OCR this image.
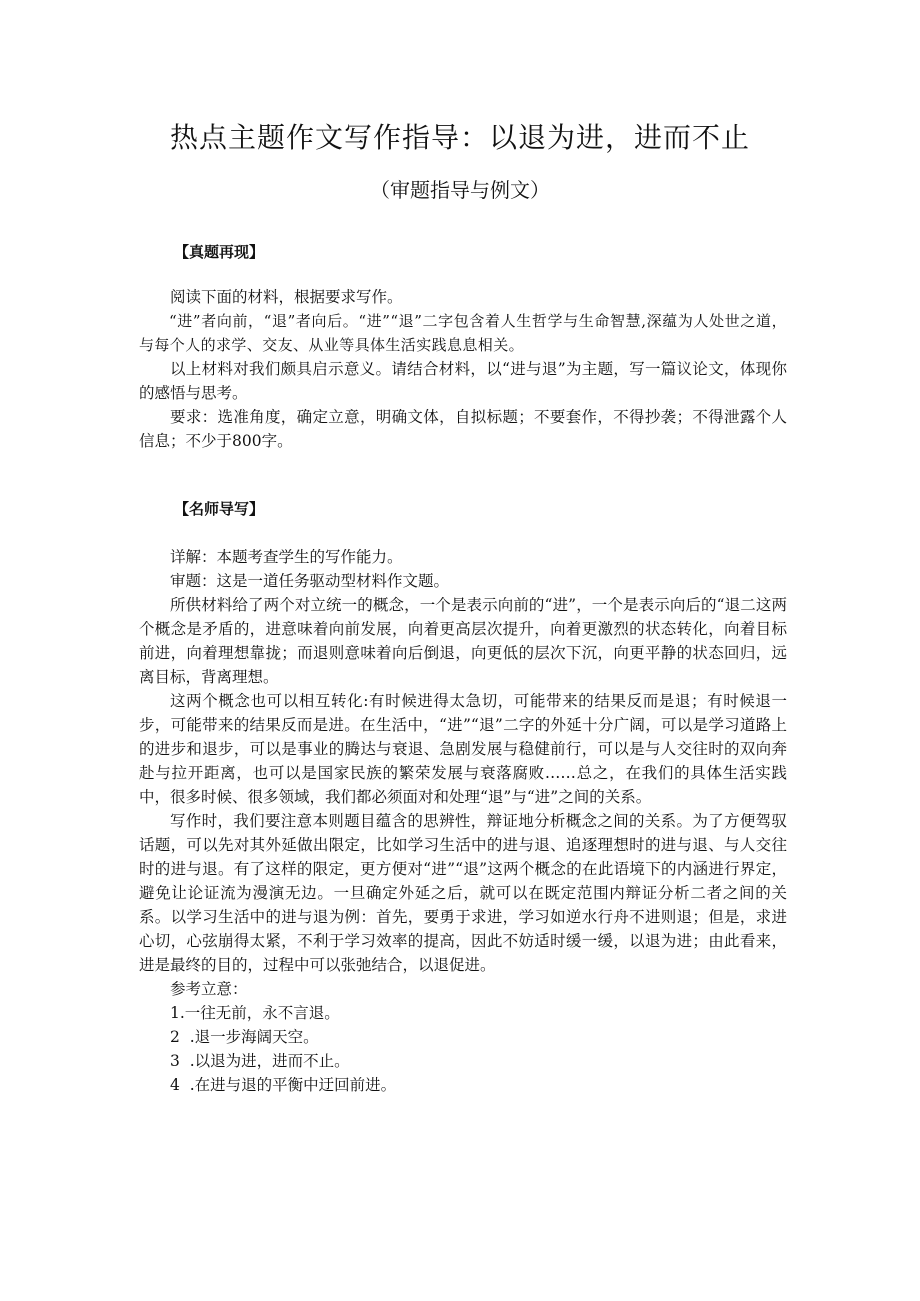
热点主题作文写作指导：以退为进，进而不止
（审题指导与例文）
【真题再现】

阅读下面的材料，根据要求写作。

“进”者向前，“退”者向后。“进”“退”二字包含着人生哲学与生命智慧,深蕴为人处世之道，与每个人的求学、交友、从业等具体生活实践息息相关。

以上材料对我们颇具启示意义。请结合材料，以“进与退”为主题，写一篇议论文，体现你的感悟与思考。

要求：选准角度，确定立意，明确文体，自拟标题；不要套作，不得抄袭；不得泄露个人信息；不少于800字。

【名师导写】

详解：本题考查学生的写作能力。

审题：这是一道任务驱动型材料作文题。

所供材料给了两个对立统一的概念，一个是表示向前的“进”，一个是表示向后的“退二这两个概念是矛盾的，进意味着向前发展，向着更高层次提升，向着更激烈的状态转化，向着目标前进，向着理想靠拢；而退则意味着向后倒退，向更低的层次下沉，向更平静的状态回归，远离目标，背离理想。

这两个概念也可以相互转化:有时候进得太急切，可能带来的结果反而是退；有时候退一步，可能带来的结果反而是进。在生活中，“进”“退”二字的外延十分广阔，可以是学习道路上的进步和退步，可以是事业的腾达与衰退、急剧发展与稳健前行，可以是与人交往时的双向奔赴与拉开距离，也可以是国家民族的繁荣发展与衰落腐败……总之，在我们的具体生活实践中，很多时候、很多领域，我们都必须面对和处理“退”与“进”之间的关系。

写作时，我们要注意本则题目蕴含的思辨性，辩证地分析概念之间的关系。为了方便驾驭话题，可以先对其外延做出限定，比如学习生活中的进与退、追逐理想时的进与退、与人交往时的进与退。有了这样的限定，更方便对“进”“退”这两个概念的在此语境下的内涵进行界定，避免让论证流为漫演无边。一旦确定外延之后，就可以在既定范围内辩证分析二者之间的关系。以学习生活中的进与退为例：首先，要勇于求进，学习如逆水行舟不进则退；但是，求进心切，心弦崩得太紧，不利于学习效率的提高，因此不妨适时缓一缓，以退为进；由此看来，进是最终的目的，过程中可以张弛结合，以退促进。

参考立意：

1.一往无前，永不言退。

2  .退一步海阔天空。

3  .以退为进，进而不止。

4  .在进与退的平衡中迂回前进。
